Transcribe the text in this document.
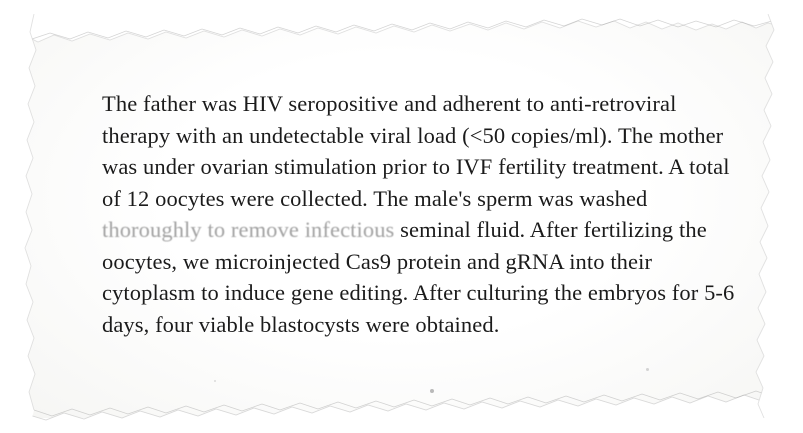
The father was HIV seropositive and adherent to anti-retroviral therapy with an undetectable viral load (<50 copies/ml). The mother was under ovarian stimulation prior to IVF fertility treatment. A total of 12 oocytes were collected. The male's sperm was washed thoroughly to remove infectious seminal fluid. After fertilizing the oocytes, we microinjected Cas9 protein and gRNA into their cytoplasm to induce gene editing. After culturing the embryos for 5-6 days, four viable blastocysts were obtained.
